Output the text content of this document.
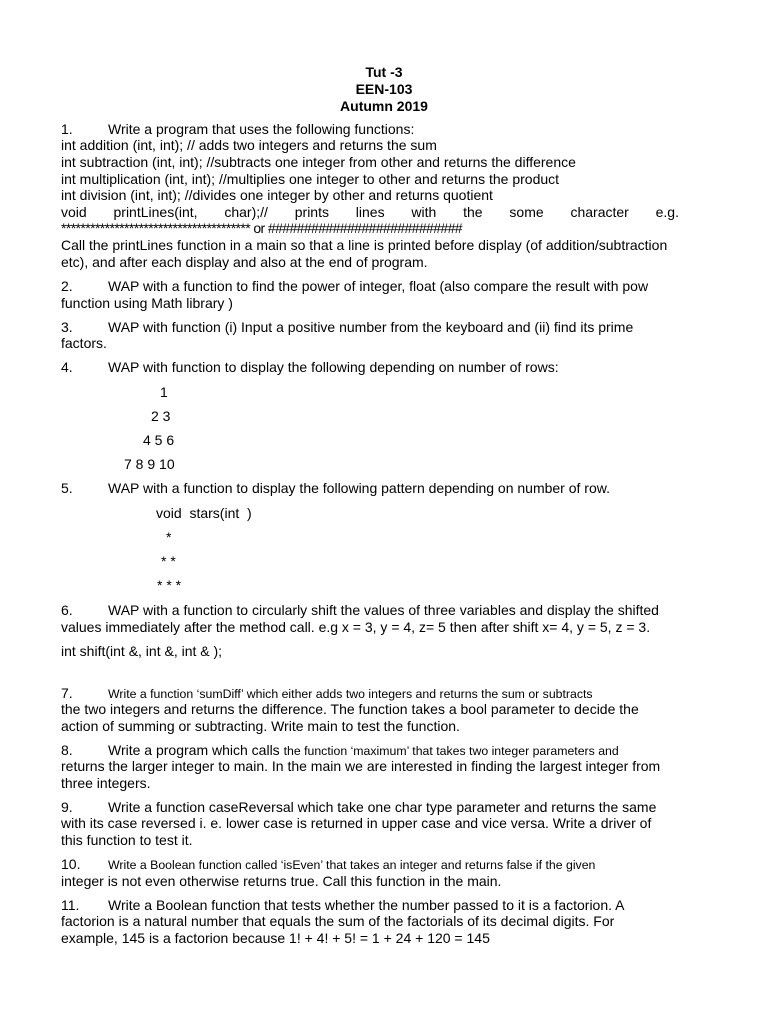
Tut -3
EEN-103
Autumn 2019
1.	Write a program that uses the following functions:
int addition (int, int); // adds two integers and returns the sum
int subtraction (int, int); //subtracts one integer from other and returns the difference
int multiplication (int, int); //multiplies one integer to other and returns the product
int division (int, int); //divides one integer by other and returns quotient
void printLines(int, char);// prints lines with the some character e.g.
*************************************** or ###########################
Call the printLines function in a main so that a line is printed before display (of addition/subtraction
etc), and after each display and also at the end of program.
2.	WAP with a function to find the power of integer, float (also compare the result with pow
function using Math library )
3.	WAP with function (i) Input a positive number from the keyboard and (ii) find its prime
factors.
4.	WAP with function to display the following depending on number of rows:
1
2 3
4 5 6
7 8 9 10
5.	WAP with a function to display the following pattern depending on number of row.
void  stars(int  )
*
* *
* * *
6.	WAP with a function to circularly shift the values of three variables and display the shifted
values immediately after the method call. e.g x = 3, y = 4, z= 5 then after shift x= 4, y = 5, z = 3.
int shift(int &, int &, int & );
7.	Write a function ‘sumDiff’ which either adds two integers and returns the sum or subtracts
the two integers and returns the difference. The function takes a bool parameter to decide the
action of summing or subtracting. Write main to test the function.
8.	Write a program which calls the function ‘maximum’ that takes two integer parameters and
returns the larger integer to main. In the main we are interested in finding the largest integer from
three integers.
9.	Write a function caseReversal which take one char type parameter and returns the same
with its case reversed i. e. lower case is returned in upper case and vice versa. Write a driver of
this function to test it.
10. Write a Boolean function called ‘isEven’ that takes an integer and returns false if the given
integer is not even otherwise returns true. Call this function in the main.
11. Write a Boolean function that tests whether the number passed to it is a factorion. A
factorion is a natural number that equals the sum of the factorials of its decimal digits. For
example, 145 is a factorion because 1! + 4! + 5! = 1 + 24 + 120 = 145
